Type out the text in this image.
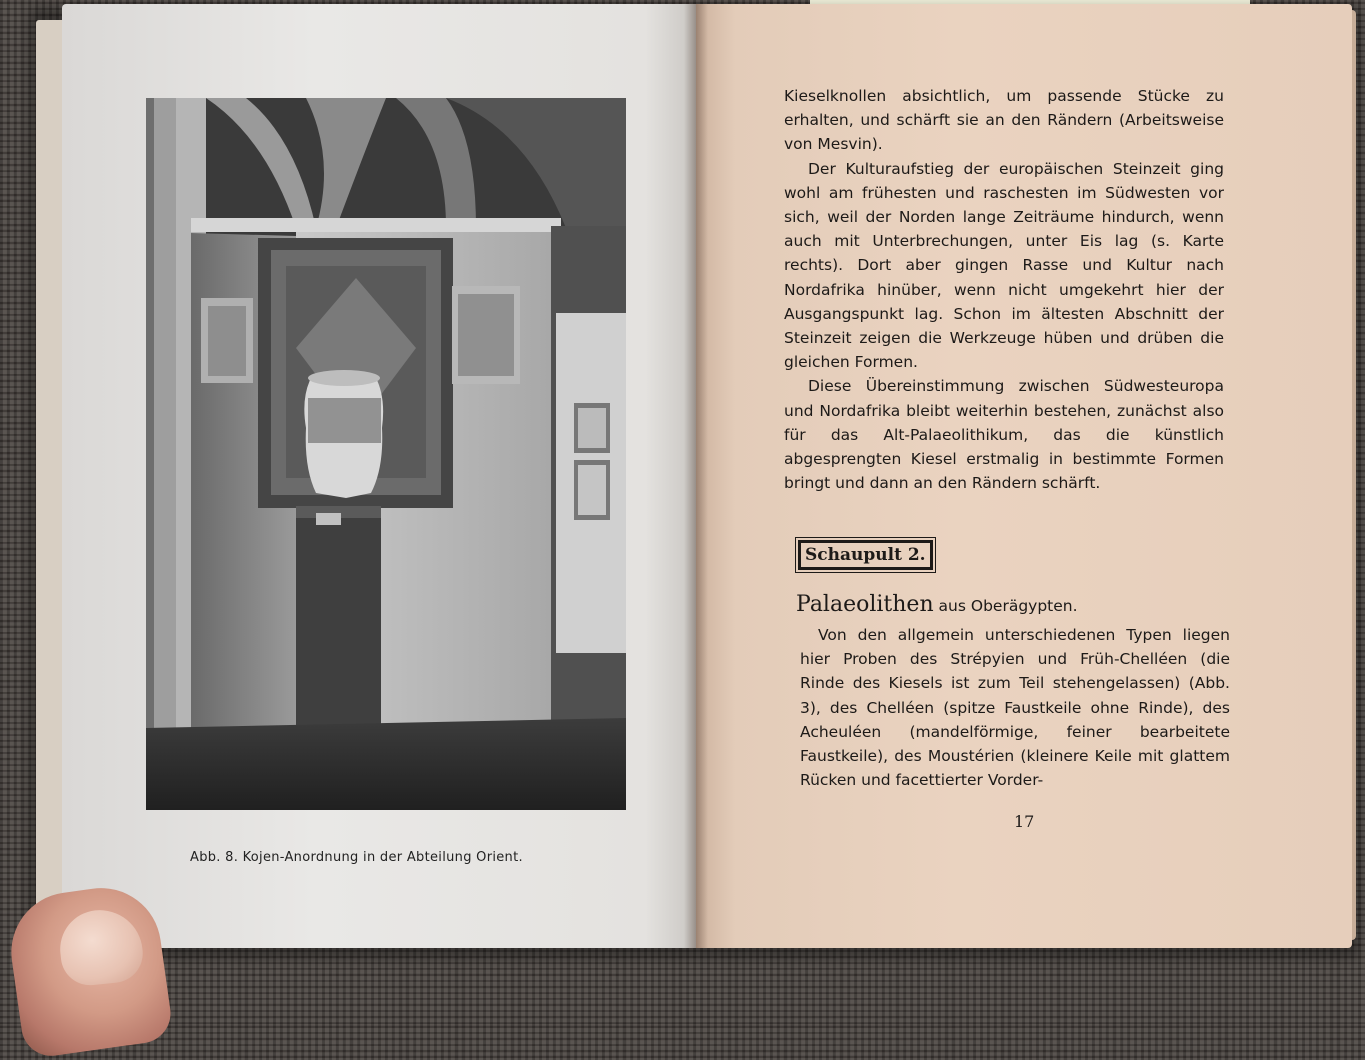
Abb. 8. Kojen-Anordnung in der Abteilung Orient.

Kieselknollen absichtlich, um passende Stücke zu erhalten, und schärft sie an den Rändern (Arbeitsweise von Mesvin).

Der Kulturaufstieg der europäischen Steinzeit ging wohl am frühesten und raschesten im Südwesten vor sich, weil der Norden lange Zeiträume hindurch, wenn auch mit Unterbrechungen, unter Eis lag (s. Karte rechts). Dort aber gingen Rasse und Kultur nach Nordafrika hinüber, wenn nicht umgekehrt hier der Ausgangspunkt lag. Schon im ältesten Abschnitt der Steinzeit zeigen die Werkzeuge hüben und drüben die gleichen Formen.

Diese Übereinstimmung zwischen Südwesteuropa und Nordafrika bleibt weiterhin bestehen, zunächst also für das Alt-Palaeolithikum, das die künstlich abgesprengten Kiesel erstmalig in bestimmte Formen bringt und dann an den Rändern schärft.

Schaupult 2.
Palaeolithen aus Oberägypten.

Von den allgemein unterschiedenen Typen liegen hier Proben des Strépyien und Früh-Chelléen (die Rinde des Kiesels ist zum Teil stehengelassen) (Abb. 3), des Chelléen (spitze Faustkeile ohne Rinde), des Acheuléen (mandelförmige, feiner bearbeitete Faustkeile), des Moustérien (kleinere Keile mit glattem Rücken und facettierter Vorder-

17
